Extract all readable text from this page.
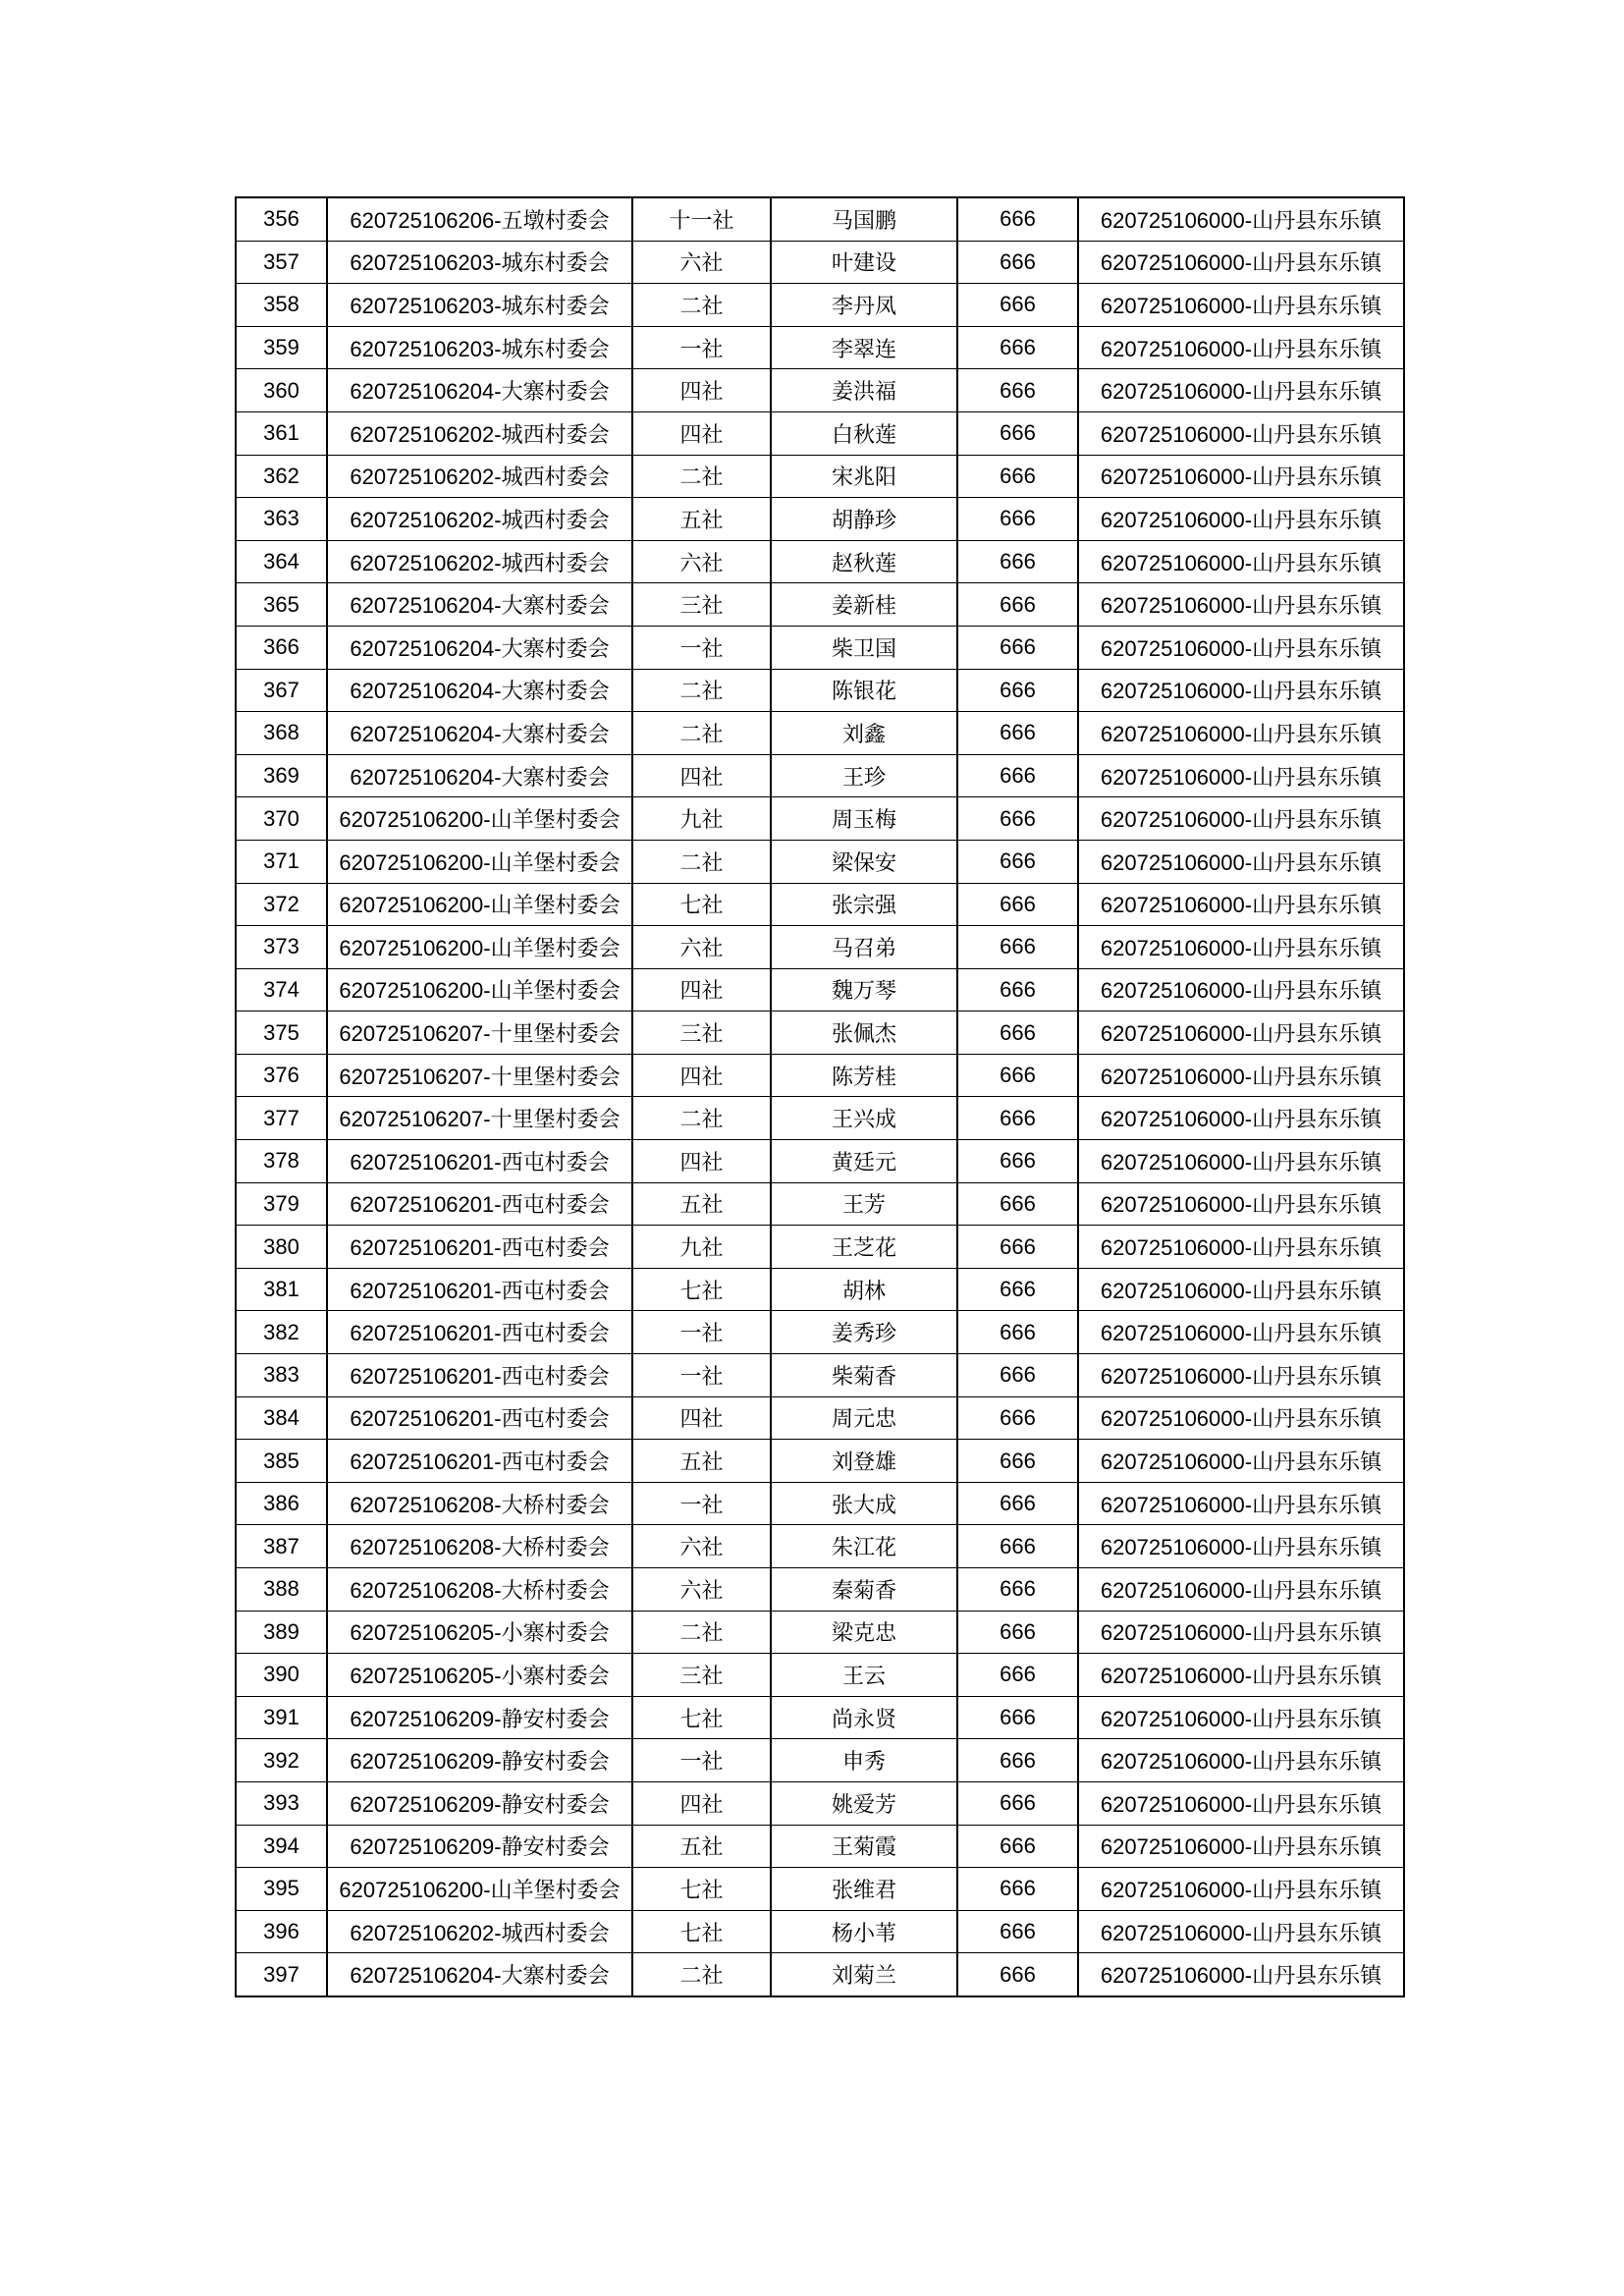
356	620725106206-五墩村委会	十一社	马国鹏	666	620725106000-山丹县东乐镇
357	620725106203-城东村委会	六社	叶建设	666	620725106000-山丹县东乐镇
358	620725106203-城东村委会	二社	李丹凤	666	620725106000-山丹县东乐镇
359	620725106203-城东村委会	一社	李翠连	666	620725106000-山丹县东乐镇
360	620725106204-大寨村委会	四社	姜洪福	666	620725106000-山丹县东乐镇
361	620725106202-城西村委会	四社	白秋莲	666	620725106000-山丹县东乐镇
362	620725106202-城西村委会	二社	宋兆阳	666	620725106000-山丹县东乐镇
363	620725106202-城西村委会	五社	胡静珍	666	620725106000-山丹县东乐镇
364	620725106202-城西村委会	六社	赵秋莲	666	620725106000-山丹县东乐镇
365	620725106204-大寨村委会	三社	姜新桂	666	620725106000-山丹县东乐镇
366	620725106204-大寨村委会	一社	柴卫国	666	620725106000-山丹县东乐镇
367	620725106204-大寨村委会	二社	陈银花	666	620725106000-山丹县东乐镇
368	620725106204-大寨村委会	二社	刘鑫	666	620725106000-山丹县东乐镇
369	620725106204-大寨村委会	四社	王珍	666	620725106000-山丹县东乐镇
370	620725106200-山羊堡村委会	九社	周玉梅	666	620725106000-山丹县东乐镇
371	620725106200-山羊堡村委会	二社	梁保安	666	620725106000-山丹县东乐镇
372	620725106200-山羊堡村委会	七社	张宗强	666	620725106000-山丹县东乐镇
373	620725106200-山羊堡村委会	六社	马召弟	666	620725106000-山丹县东乐镇
374	620725106200-山羊堡村委会	四社	魏万琴	666	620725106000-山丹县东乐镇
375	620725106207-十里堡村委会	三社	张佩杰	666	620725106000-山丹县东乐镇
376	620725106207-十里堡村委会	四社	陈芳桂	666	620725106000-山丹县东乐镇
377	620725106207-十里堡村委会	二社	王兴成	666	620725106000-山丹县东乐镇
378	620725106201-西屯村委会	四社	黄廷元	666	620725106000-山丹县东乐镇
379	620725106201-西屯村委会	五社	王芳	666	620725106000-山丹县东乐镇
380	620725106201-西屯村委会	九社	王芝花	666	620725106000-山丹县东乐镇
381	620725106201-西屯村委会	七社	胡林	666	620725106000-山丹县东乐镇
382	620725106201-西屯村委会	一社	姜秀珍	666	620725106000-山丹县东乐镇
383	620725106201-西屯村委会	一社	柴菊香	666	620725106000-山丹县东乐镇
384	620725106201-西屯村委会	四社	周元忠	666	620725106000-山丹县东乐镇
385	620725106201-西屯村委会	五社	刘登雄	666	620725106000-山丹县东乐镇
386	620725106208-大桥村委会	一社	张大成	666	620725106000-山丹县东乐镇
387	620725106208-大桥村委会	六社	朱江花	666	620725106000-山丹县东乐镇
388	620725106208-大桥村委会	六社	秦菊香	666	620725106000-山丹县东乐镇
389	620725106205-小寨村委会	二社	梁克忠	666	620725106000-山丹县东乐镇
390	620725106205-小寨村委会	三社	王云	666	620725106000-山丹县东乐镇
391	620725106209-静安村委会	七社	尚永贤	666	620725106000-山丹县东乐镇
392	620725106209-静安村委会	一社	申秀	666	620725106000-山丹县东乐镇
393	620725106209-静安村委会	四社	姚爱芳	666	620725106000-山丹县东乐镇
394	620725106209-静安村委会	五社	王菊霞	666	620725106000-山丹县东乐镇
395	620725106200-山羊堡村委会	七社	张维君	666	620725106000-山丹县东乐镇
396	620725106202-城西村委会	七社	杨小苇	666	620725106000-山丹县东乐镇
397	620725106204-大寨村委会	二社	刘菊兰	666	620725106000-山丹县东乐镇
